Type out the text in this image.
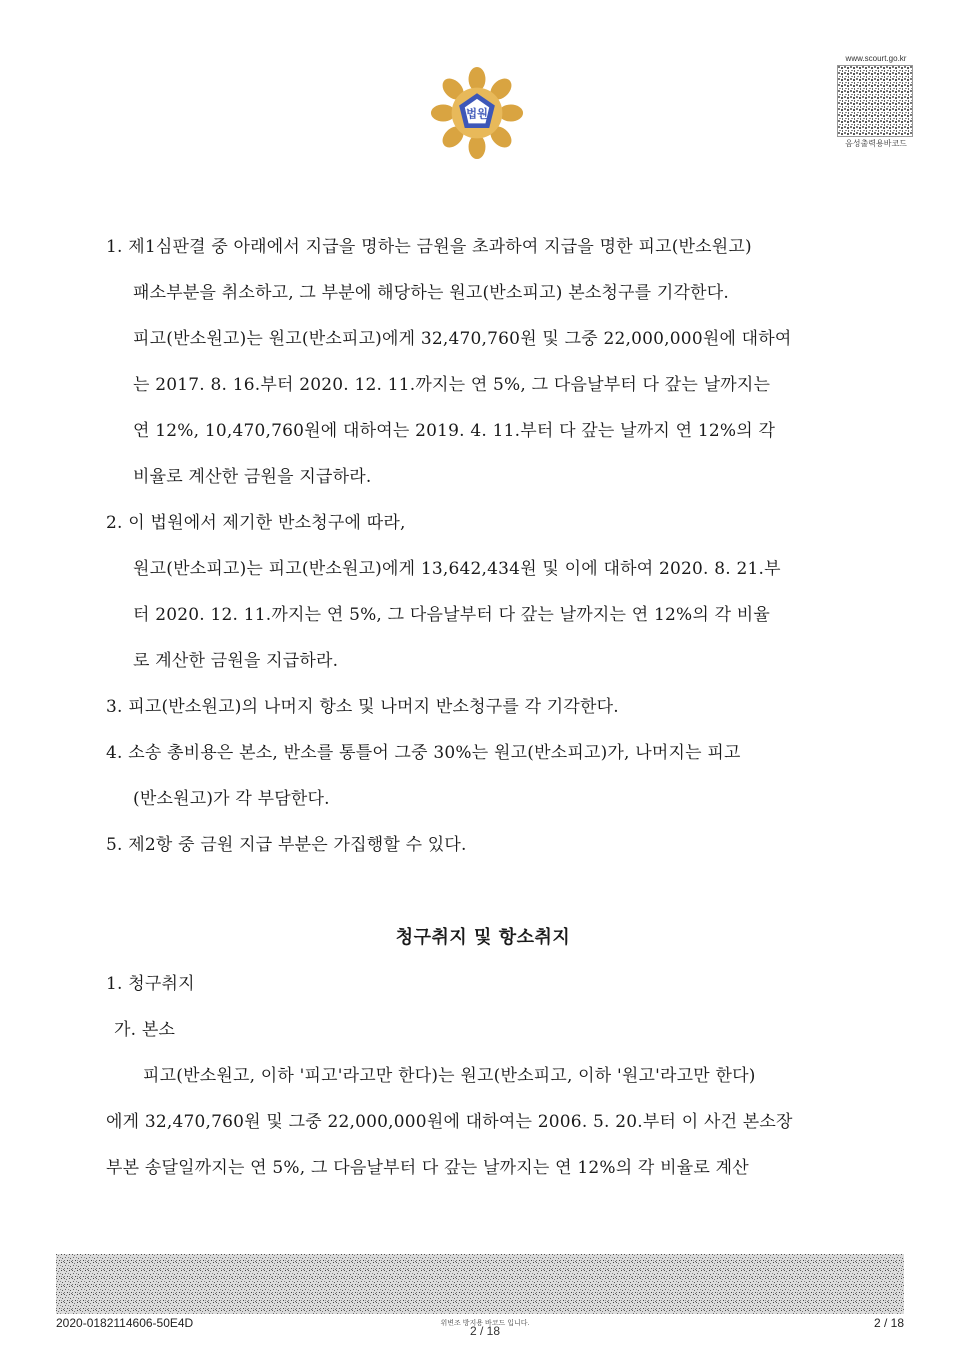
법원
www.scourt.go.kr
음성출력용바코드
1. 제1심판결 중 아래에서 지급을 명하는 금원을 초과하여 지급을 명한 피고(반소원고)
패소부분을 취소하고, 그 부분에 해당하는 원고(반소피고) 본소청구를 기각한다.
피고(반소원고)는 원고(반소피고)에게 32,470,760원 및 그중 22,000,000원에 대하여
는 2017. 8. 16.부터 2020. 12. 11.까지는 연 5%, 그 다음날부터 다 갚는 날까지는
연 12%, 10,470,760원에 대하여는 2019. 4. 11.부터 다 갚는 날까지 연 12%의 각
비율로 계산한 금원을 지급하라.
2. 이 법원에서 제기한 반소청구에 따라,
원고(반소피고)는 피고(반소원고)에게 13,642,434원 및 이에 대하여 2020. 8. 21.부
터 2020. 12. 11.까지는 연 5%, 그 다음날부터 다 갚는 날까지는 연 12%의 각 비율
로 계산한 금원을 지급하라.
3. 피고(반소원고)의 나머지 항소 및 나머지 반소청구를 각 기각한다.
4. 소송 총비용은 본소, 반소를 통틀어 그중 30%는 원고(반소피고)가, 나머지는 피고
(반소원고)가 각 부담한다.
5. 제2항 중 금원 지급 부분은 가집행할 수 있다.
청구취지 및 항소취지
1. 청구취지
가. 본소
피고(반소원고, 이하 '피고'라고만 한다)는 원고(반소피고, 이하 '원고'라고만 한다)
에게 32,470,760원 및 그중 22,000,000원에 대하여는 2006. 5. 20.부터 이 사건 본소장
부본 송달일까지는 연 5%, 그 다음날부터 다 갚는 날까지는 연 12%의 각 비율로 계산
2020-0182114606-50E4D	위변조 방지용 바코드 입니다.
2 / 18
2 / 18
